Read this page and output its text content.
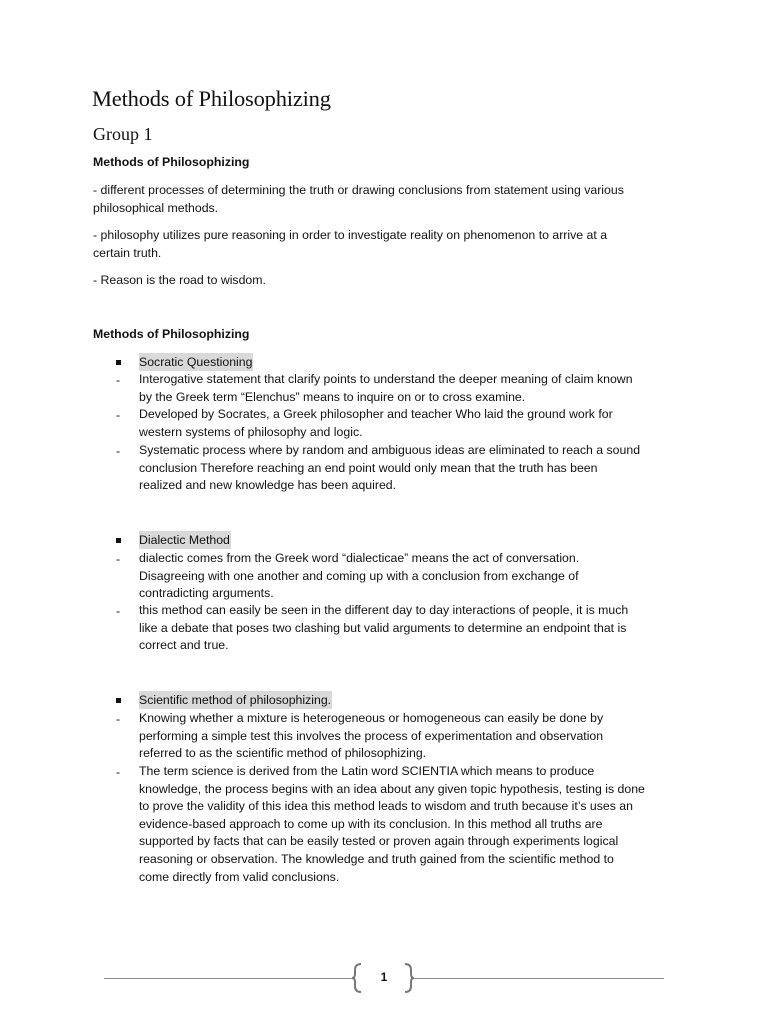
Methods of Philosophizing
Group 1
Methods of Philosophizing
- different processes of determining the truth or drawing conclusions from statement using various
philosophical methods.
- philosophy utilizes pure reasoning in order to investigate reality on phenomenon to arrive at a
certain truth.
- Reason is the road to wisdom.
Methods of Philosophizing
Socratic Questioning
- Interogative statement that clarify points to understand the deeper meaning of claim known
by the Greek term “Elenchus” means to inquire on or to cross examine.
- Developed by Socrates, a Greek philosopher and teacher Who laid the ground work for
western systems of philosophy and logic.
- Systematic process where by random and ambiguous ideas are eliminated to reach a sound
conclusion Therefore reaching an end point would only mean that the truth has been
realized and new knowledge has been aquired.
Dialectic Method
- dialectic comes from the Greek word “dialecticae” means the act of conversation.
Disagreeing with one another and coming up with a conclusion from exchange of
contradicting arguments.
- this method can easily be seen in the different day to day interactions of people, it is much
like a debate that poses two clashing but valid arguments to determine an endpoint that is
correct and true.
Scientific method of philosophizing.
- Knowing whether a mixture is heterogeneous or homogeneous can easily be done by
performing a simple test this involves the process of experimentation and observation
referred to as the scientific method of philosophizing.
- The term science is derived from the Latin word SCIENTIA which means to produce
knowledge, the process begins with an idea about any given topic hypothesis, testing is done
to prove the validity of this idea this method leads to wisdom and truth because it’s uses an
evidence-based approach to come up with its conclusion. In this method all truths are
supported by facts that can be easily tested or proven again through experiments logical
reasoning or observation. The knowledge and truth gained from the scientific method to
come directly from valid conclusions.
1
